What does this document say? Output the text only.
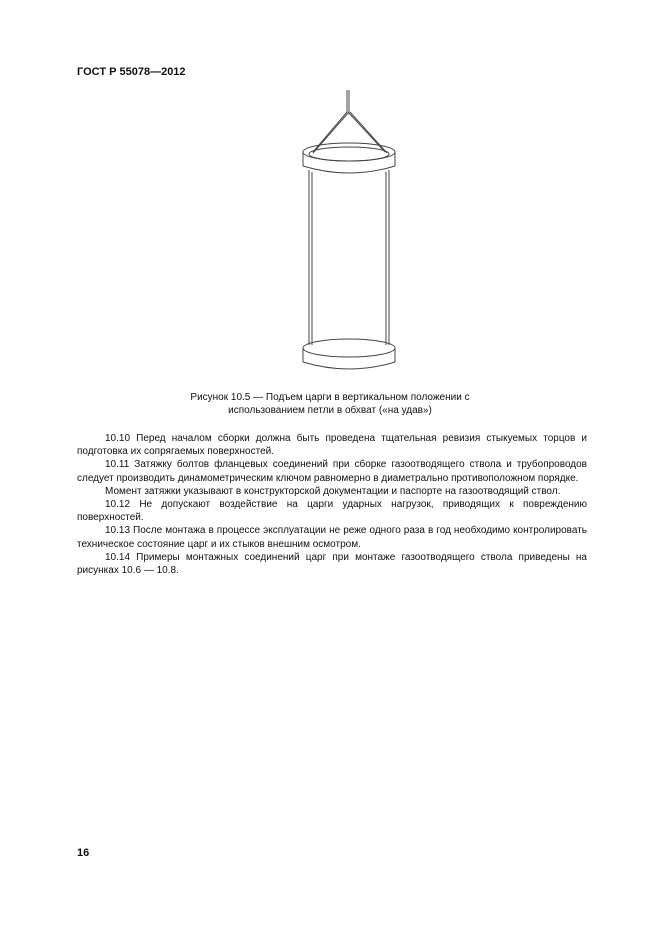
ГОСТ Р 55078—2012
Рисунок 10.5 — Подъем царги в вертикальном положении с
использованием петли в обхват («на удав»)

10.10 Перед началом сборки должна быть проведена тщательная ревизия стыкуемых торцов и подготовка их сопрягаемых поверхностей.

10.11 Затяжку болтов фланцевых соединений при сборке газоотводящего ствола и трубопроводов следует производить динамометрическим ключом равномерно в диаметрально противоположном порядке.

Момент затяжки указывают в конструкторской документации и паспорте на газоотводящий ствол.

10.12 Не допускают воздействие на царги ударных нагрузок, приводящих к повреждению поверхностей.

10.13 После монтажа в процессе эксплуатации не реже одного раза в год необходимо контролировать техническое состояние царг и их стыков внешним осмотром.

10.14 Примеры монтажных соединений царг при монтаже газоотводящего ствола приведены на рисунках 10.6 — 10.8.

16
